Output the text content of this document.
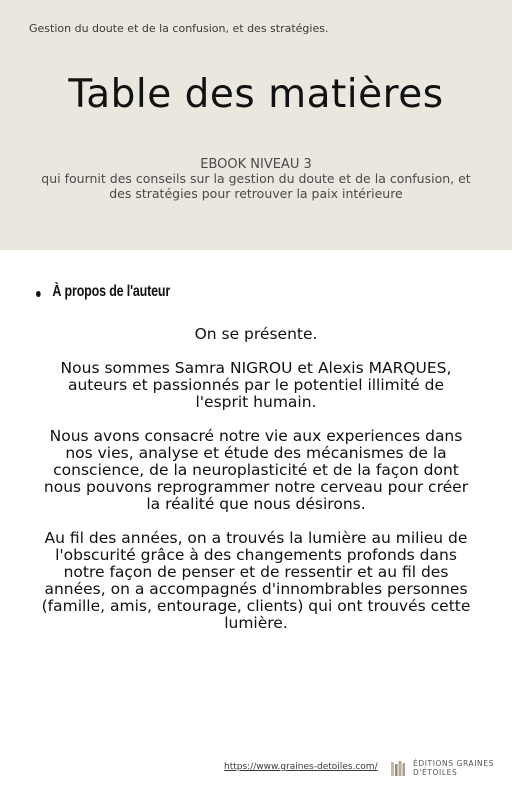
Gestion du doute et de la confusion, et des stratégies.
Table des matières
EBOOK NIVEAU 3
qui fournit des conseils sur la gestion du doute et de la confusion, et des stratégies pour retrouver la paix intérieure
À propos de l'auteur
On se présente.
Nous sommes Samra NIGROU et Alexis MARQUES, auteurs et passionnés par le potentiel illimité de l'esprit humain.
Nous avons consacré notre vie aux experiences dans nos vies, analyse et étude des mécanismes de la conscience, de la neuroplasticité et de la façon dont nous pouvons reprogrammer notre cerveau pour créer la réalité que nous désirons.
Au fil des années, on a trouvés la lumière au milieu de l'obscurité grâce à des changements profonds dans notre façon de penser et de ressentir et au fil des années, on a accompagnés d'innombrables personnes (famille, amis, entourage, clients) qui ont trouvés cette lumière.
https://www.graines-detoiles.com/	ÉDITIONS GRAINES
D'ÉTOILES
